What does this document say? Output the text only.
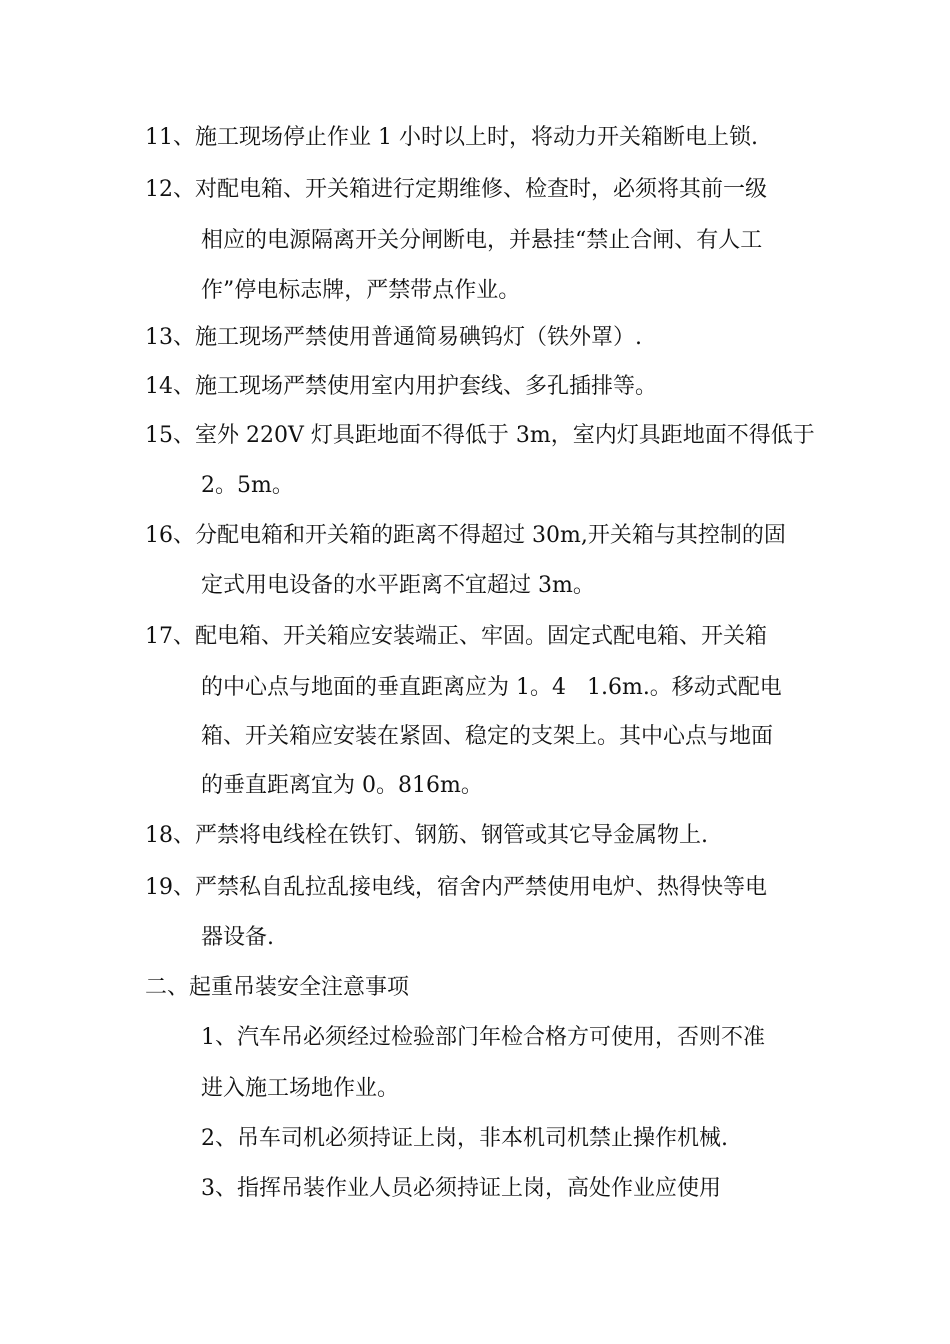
11、施工现场停止作业 1 小时以上时，将动力开关箱断电上锁.
12、对配电箱、开关箱进行定期维修、检查时，必须将其前一级
相应的电源隔离开关分闸断电，并悬挂“禁止合闸、有人工
作”停电标志牌，严禁带点作业。
13、施工现场严禁使用普通简易碘钨灯（铁外罩）.
14、施工现场严禁使用室内用护套线、多孔插排等。
15、室外 220V 灯具距地面不得低于 3m，室内灯具距地面不得低于
2。5m。
16、分配电箱和开关箱的距离不得超过 30m,开关箱与其控制的固
定式用电设备的水平距离不宜超过 3m。
17、配电箱、开关箱应安装端正、牢固。固定式配电箱、开关箱
的中心点与地面的垂直距离应为 1。4   1.6m.。移动式配电
箱、开关箱应安装在紧固、稳定的支架上。其中心点与地面
的垂直距离宜为 0。816m。
18、严禁将电线栓在铁钉、钢筋、钢管或其它导金属物上.
19、严禁私自乱拉乱接电线，宿舍内严禁使用电炉、热得快等电
器设备.
二、起重吊装安全注意事项
1、汽车吊必须经过检验部门年检合格方可使用，否则不准
进入施工场地作业。
2、吊车司机必须持证上岗，非本机司机禁止操作机械.
3、指挥吊装作业人员必须持证上岗，高处作业应使用
